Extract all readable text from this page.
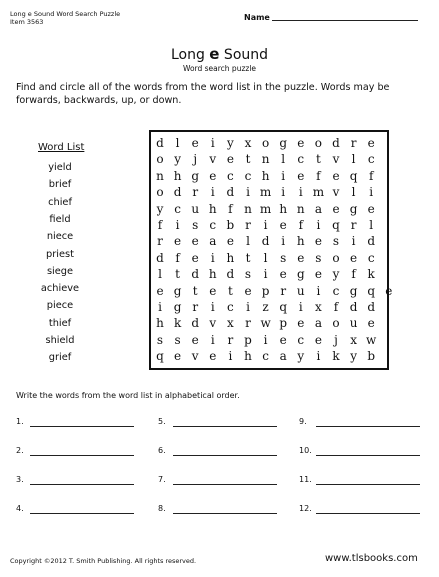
Long e Sound Word Search Puzzle
Item 3563	Name
Long e Sound
Word search puzzle
Find and circle all of the words from the word list in the puzzle. Words may be forwards, backwards, up, or down.
Word List
yield
brief
chief
field
niece
priest
siege
achieve
piece
thief
shield
grief
d l	e	i	y x o g e o d r e
o y	j	v e t n l	c t v	l	c
n h g e c c h i	e f e q f
o d r	i d i m i	i m v	l	i
y c u h f n m h n a e g e
f	i	s c b r	i	e f	i q r	l
r e e a e	l d i h e s	i d
d f e	i h t	l	s e s o e c
l	t d h d s	i	e g e y f k
e g t e t e p r u i	c g q e
i g r	i	c	i	z q i	x f d d
h k d v x r w p e a o u e
s s e	i	r p i	e c e	j	x w
q e v e	i h c a y	i	k y b
Write the words from the word list in alphabetical order.
1.
2.
3.
4.
5.
6.
7.
8.
9.
10.
11.
12.
Copyright ©2012 T. Smith Publishing. All rights reserved.	www.tlsbooks.com
